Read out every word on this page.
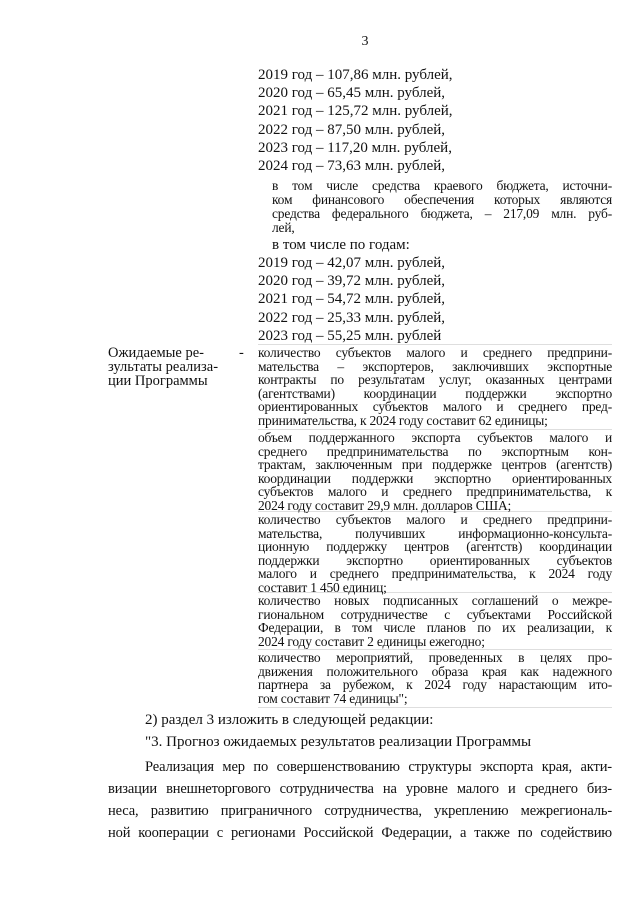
3
2019 год – 107,86 млн. рублей,
2020 год – 65,45 млн. рублей,
2021 год – 125,72 млн. рублей,
2022 год – 87,50 млн. рублей,
2023 год – 117,20 млн. рублей,
2024 год – 73,63 млн. рублей,
в том числе средства краевого бюджета, источни-
ком финансового обеспечения которых являются
средства федерального бюджета, – 217,09 млн. руб-
лей,
в том числе по годам:
2019 год – 42,07 млн. рублей,
2020 год – 39,72 млн. рублей,
2021 год – 54,72 млн. рублей,
2022 год – 25,33 млн. рублей,
2023 год – 55,25 млн. рублей
Ожидаемые ре-
зультаты реализа-
ции Программы
- количество субъектов малого и среднего предприни-
мательства – экспортеров, заключивших экспортные
контракты по результатам услуг, оказанных центрами
(агентствами) координации поддержки экспортно
ориентированных субъектов малого и среднего пред-
принимательства, к 2024 году составит 62 единицы;
объем поддержанного экспорта субъектов малого и
среднего предпринимательства по экспортным кон-
трактам, заключенным при поддержке центров (агентств)
координации поддержки экспортно ориентированных
субъектов малого и среднего предпринимательства, к
2024 году составит 29,9 млн. долларов США;
количество субъектов малого и среднего предприни-
мательства, получивших информационно-консульта-
ционную поддержку центров (агентств) координации
поддержки экспортно ориентированных субъектов
малого и среднего предпринимательства, к 2024 году
составит 1 450 единиц;
количество новых подписанных соглашений о межре-
гиональном сотрудничестве с субъектами Российской
Федерации, в том числе планов по их реализации, к
2024 году составит 2 единицы ежегодно;
количество мероприятий, проведенных в целях про-
движения положительного образа края как надежного
партнера за рубежом, к 2024 году нарастающим ито-
гом составит 74 единицы";
2) раздел 3 изложить в следующей редакции:
"3. Прогноз ожидаемых результатов реализации Программы
Реализация мер по совершенствованию структуры экспорта края, акти-
визации внешнеторгового сотрудничества на уровне малого и среднего биз-
неса, развитию приграничного сотрудничества, укреплению межрегиональ-
ной кооперации с регионами Российской Федерации, а также по содействию
